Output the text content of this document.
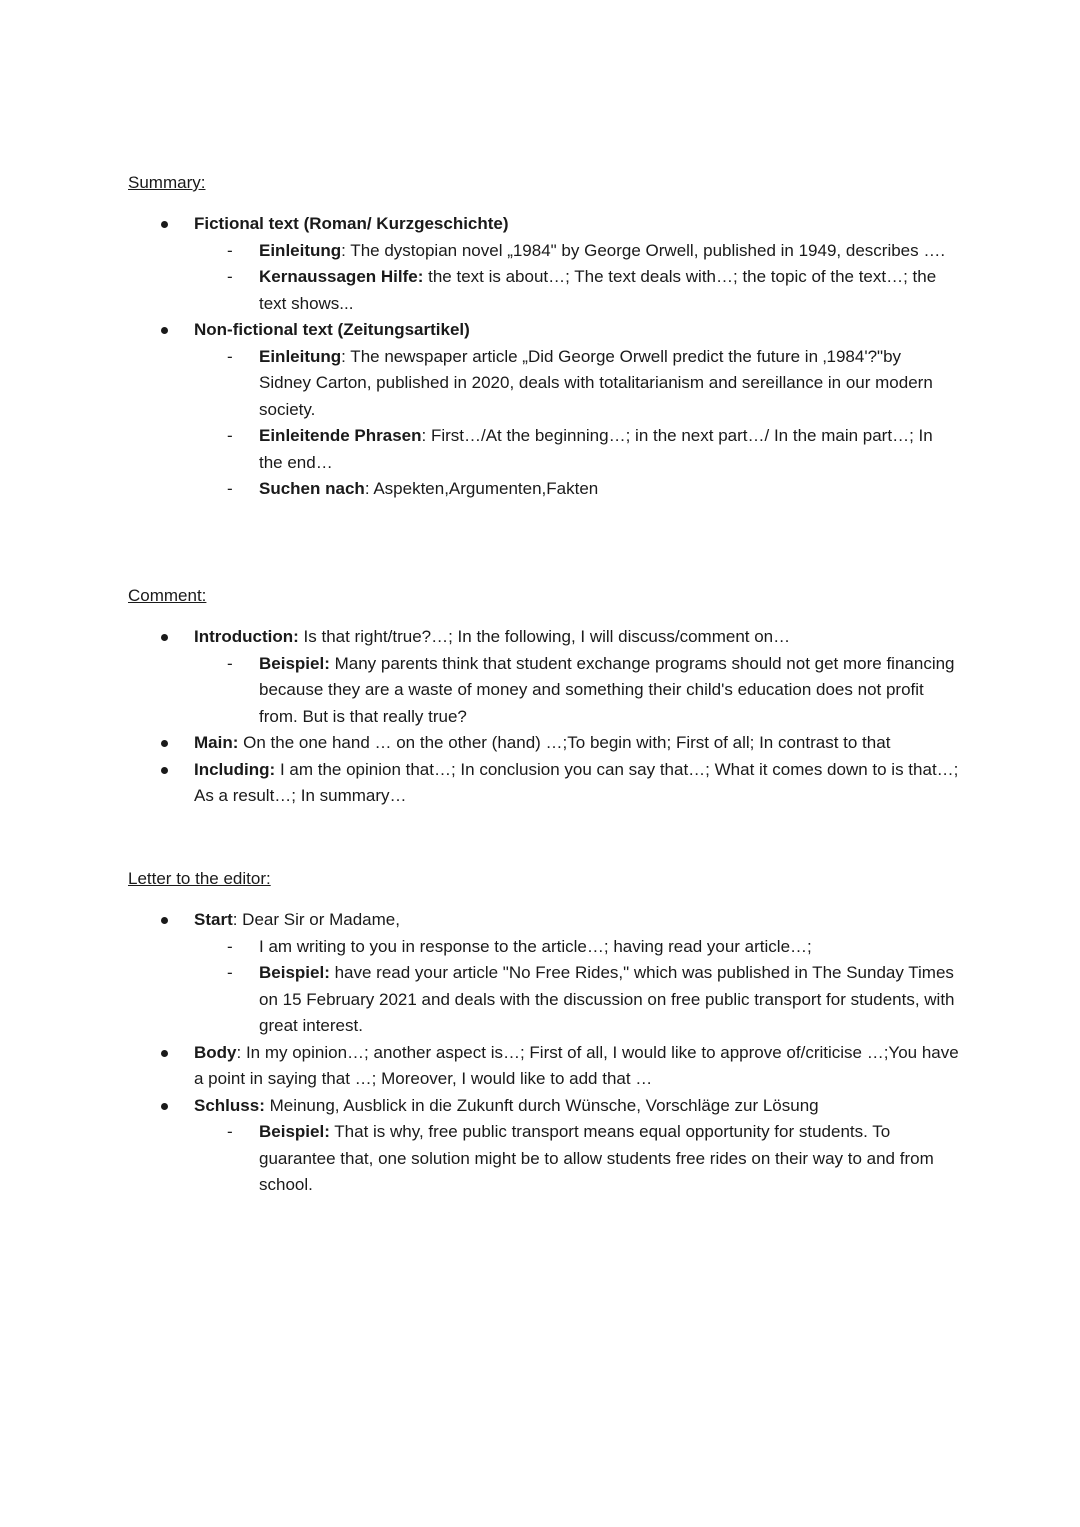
Summary:
Fictional text (Roman/ Kurzgeschichte)
- Einleitung: The dystopian novel „1984" by George Orwell, published in 1949, describes ….
- Kernaussagen Hilfe: the text is about…; The text deals with…; the topic of the text…; the text shows...
Non-fictional text (Zeitungsartikel)
- Einleitung: The newspaper article „Did George Orwell predict the future in ‚1984'?"by Sidney Carton, published in 2020, deals with totalitarianism and sereillance in our modern society.
- Einleitende Phrasen: First…/At the beginning…; in the next part…/ In the main part…; In the end…
- Suchen nach: Aspekten,Argumenten,Fakten
Comment:
Introduction: Is that right/true?…; In the following, I will discuss/comment on…
- Beispiel: Many parents think that student exchange programs should not get more financing because they are a waste of money and something their child's education does not profit from. But is that really true?
Main: On the one hand … on the other (hand) …;To begin with; First of all; In contrast to that
Including: I am the opinion that…; In conclusion you can say that…; What it comes down to is that…; As a result…; In summary…
Letter to the editor:
Start: Dear Sir or Madame,
- I am writing to you in response to the article…; having read your article…;
- Beispiel: have read your article "No Free Rides," which was published in The Sunday Times on 15 February 2021 and deals with the discussion on free public transport for students, with great interest.
Body: In my opinion…; another aspect is…; First of all, I would like to approve of/criticise …;You have a point in saying that …; Moreover, I would like to add that …
Schluss: Meinung, Ausblick in die Zukunft durch Wünsche, Vorschläge zur Lösung
- Beispiel: That is why, free public transport means equal opportunity for students. To guarantee that, one solution might be to allow students free rides on their way to and from school.
